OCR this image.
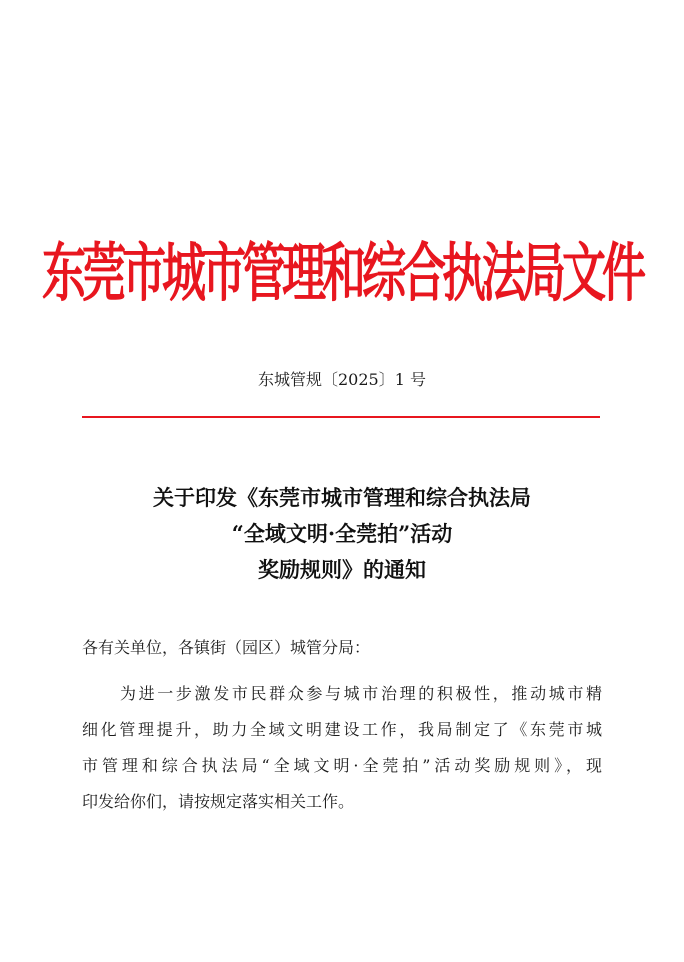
东莞市城市管理和综合执法局文件
东城管规〔2025〕1 号
关于印发《东莞市城市管理和综合执法局
“全域文明·全莞拍”活动
奖励规则》的通知
各有关单位，各镇街（园区）城管分局：
为进一步激发市民群众参与城市治理的积极性，推动城市精
细化管理提升，助力全域文明建设工作，我局制定了《东莞市城
市管理和综合执法局“全域文明·全莞拍”活动奖励规则》，现
印发给你们，请按规定落实相关工作。
